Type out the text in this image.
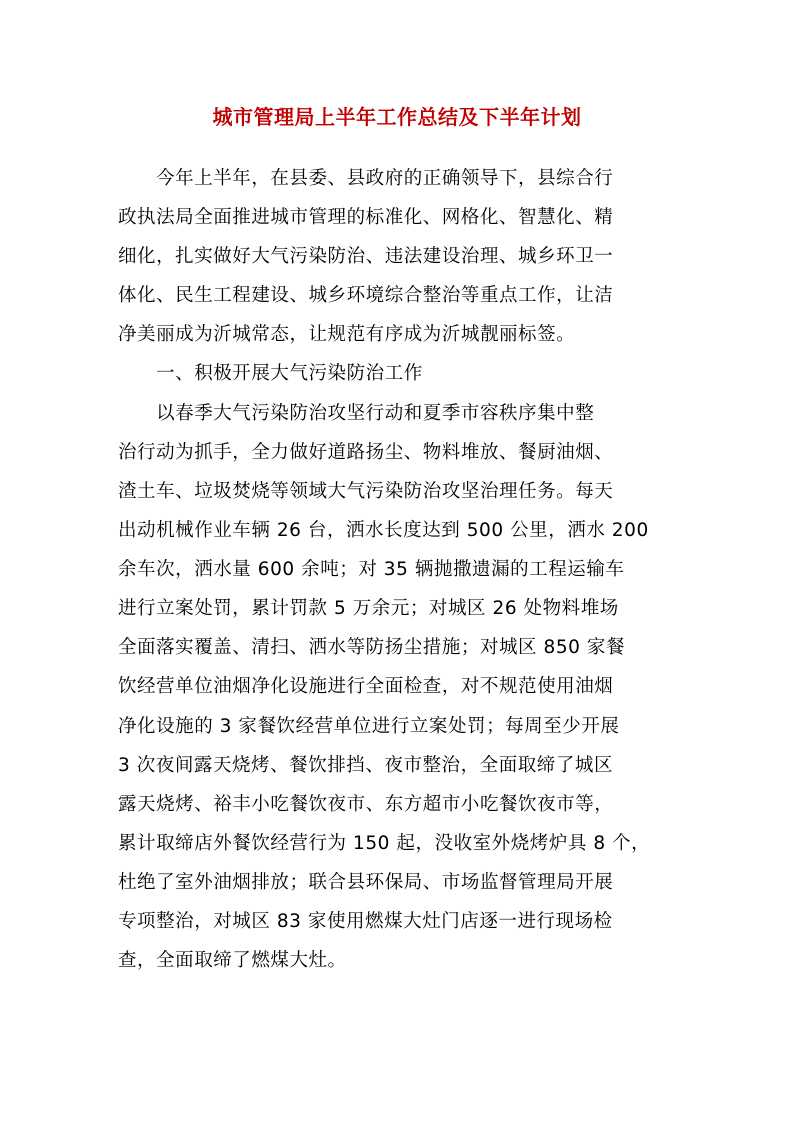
城市管理局上半年工作总结及下半年计划
　　今年上半年，在县委、县政府的正确领导下，县综合行
政执法局全面推进城市管理的标准化、网格化、智慧化、精
细化，扎实做好大气污染防治、违法建设治理、城乡环卫一
体化、民生工程建设、城乡环境综合整治等重点工作，让洁
净美丽成为沂城常态，让规范有序成为沂城靓丽标签。
　　一、积极开展大气污染防治工作
　　以春季大气污染防治攻坚行动和夏季市容秩序集中整
治行动为抓手，全力做好道路扬尘、物料堆放、餐厨油烟、
渣土车、垃圾焚烧等领域大气污染防治攻坚治理任务。每天
出动机械作业车辆 26 台，洒水长度达到 500 公里，洒水 200
余车次，洒水量 600 余吨；对 35 辆抛撒遗漏的工程运输车
进行立案处罚，累计罚款 5 万余元；对城区 26 处物料堆场
全面落实覆盖、清扫、洒水等防扬尘措施；对城区 850 家餐
饮经营单位油烟净化设施进行全面检查，对不规范使用油烟
净化设施的 3 家餐饮经营单位进行立案处罚；每周至少开展
3 次夜间露天烧烤、餐饮排挡、夜市整治，全面取缔了城区
露天烧烤、裕丰小吃餐饮夜市、东方超市小吃餐饮夜市等，
累计取缔店外餐饮经营行为 150 起，没收室外烧烤炉具 8 个，
杜绝了室外油烟排放；联合县环保局、市场监督管理局开展
专项整治，对城区 83 家使用燃煤大灶门店逐一进行现场检
查，全面取缔了燃煤大灶。
